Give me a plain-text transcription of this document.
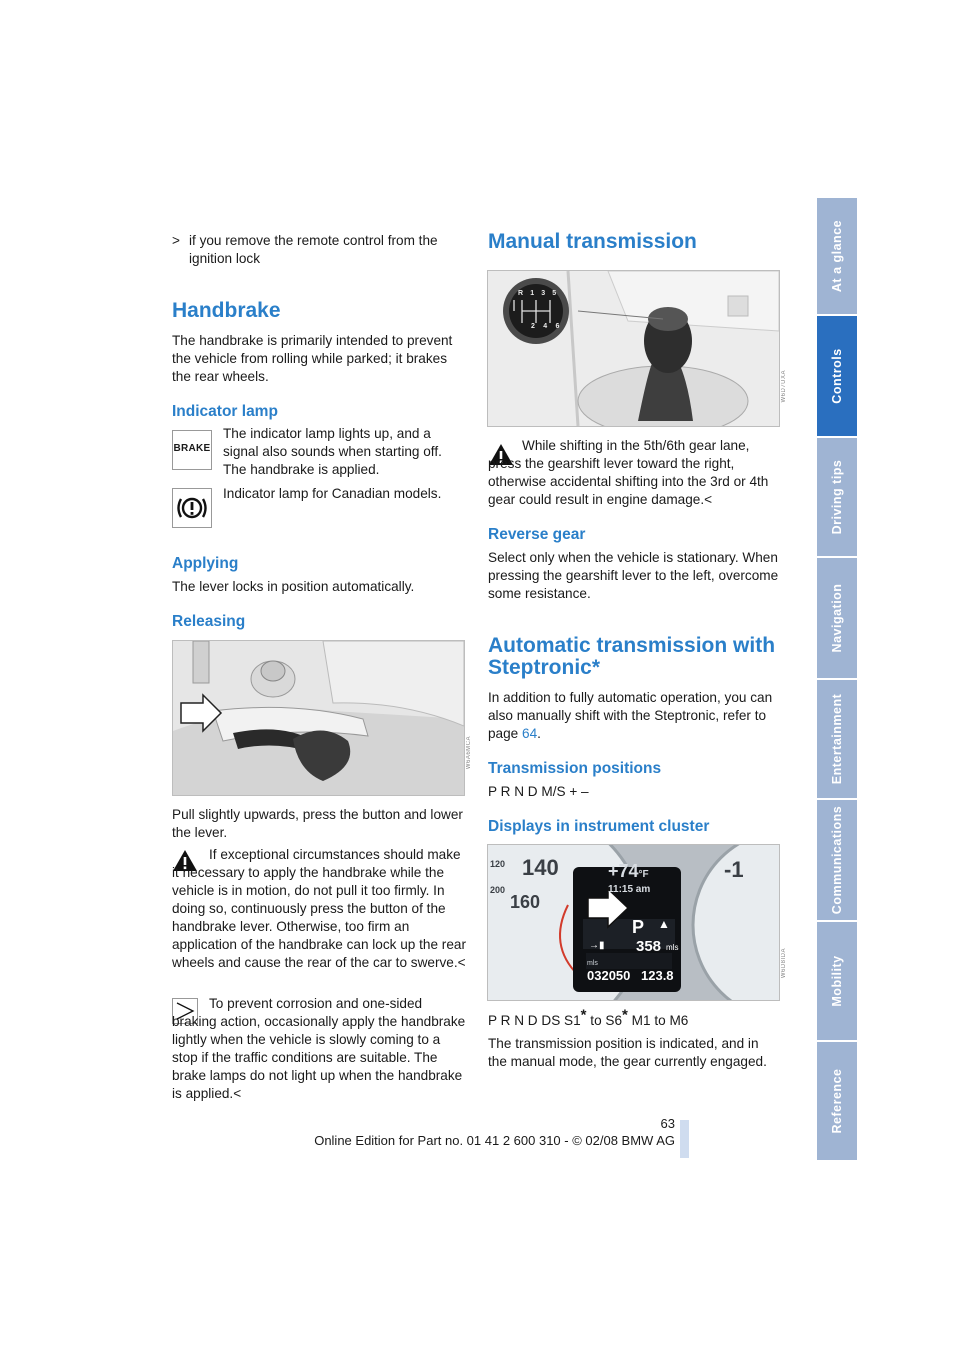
At a glance
Controls
Driving tips
Navigation
Entertainment
Communications
Mobility
Reference
> if you remove the remote control from the
ignition lock
Handbrake

The handbrake is primarily intended to prevent the vehicle from rolling while parked; it brakes the rear wheels.

Indicator lamp
BRAKE

The indicator lamp lights up, and a signal also sounds when starting off. The handbrake is applied.

Indicator lamp for Canadian models.

Applying

The lever locks in position automatically.

Releasing
W6A6MCA

Pull slightly upwards, press the button and lower the lever.

If exceptional circumstances should make it necessary to apply the handbrake while the vehicle is in motion, do not pull it too firmly. In doing so, continuously press the button of the handbrake lever. Otherwise, too firm an application of the handbrake can lock up the rear wheels and cause the rear of the car to swerve.<
To prevent corrosion and one-sided braking action, occasionally apply the handbrake lightly when the vehicle is slowly coming to a stop if the traffic conditions are suitable. The brake lamps do not light up when the handbrake is applied.<
Manual transmission
R 1 3 5
2 4 6
W6D7UXA
While shifting in the 5th/6th gear lane, press the gearshift lever toward the right, otherwise accidental shifting into the 3rd or 4th gear could result in engine damage.<
Reverse gear

Select only when the vehicle is stationary. When pressing the gearshift lever to the left, overcome some resistance.

Automatic transmission with
Steptronic*
In addition to fully automatic operation, you can also manually shift with the Steptronic, refer to page 64.
Transmission positions

P R N D M/S + –

Displays in instrument cluster
140
160
120
200
+74°F
11:15 am
P ▲
→▮ 358 mls
mls
032050 123.8
-1
W6D8IDA
P R N D DS S1* to S6* M1 to M6

The transmission position is indicated, and in the manual mode, the gear currently engaged.

63
Online Edition for Part no. 01 41 2 600 310 - © 02/08 BMW AG
